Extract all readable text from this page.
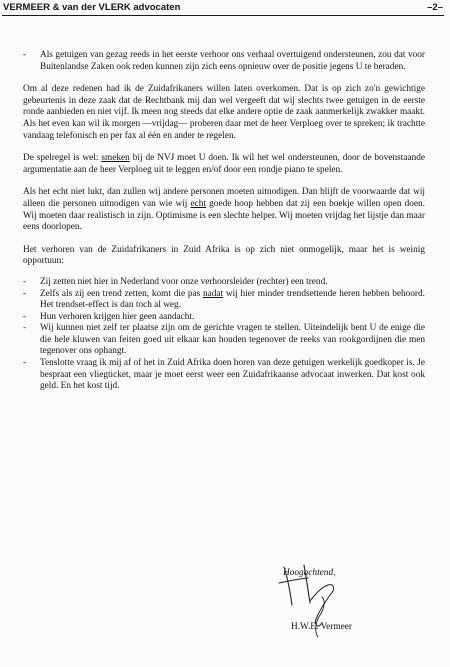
VERMEER & van der VLERK advocaten	–2–
- Als getuigen van gezag reeds in het eerste verhoor ons verhaal overtuigend ondersteunen, zou dat voor Buitenlandse Zaken ook reden kunnen zijn zich eens opnieuw over de positie jegens U te beraden.

Om al deze redenen had ik de Zuidafrikaners willen laten overkomen. Dat is op zich zo'n gewichtige gebeurtenis in deze zaak dat de Rechtbank mij dan wel vergeeft dat wij slechts twee getuigen in de eerste ronde aanbieden en niet vijf. Ik meen nog steeds dat elke andere optie de zaak aanmerkelijk zwakker maakt. Als het even kan wil ik morgen —vrijdag— proberen daar met de heer Verploeg over te spreken; ik trachtte vandaag telefonisch en per fax al één en ander te regelen.

De spelregel is wel: smeken bij de NVJ moet U doen. Ik wil het wel ondersteunen, door de bovenstaande argumentatie aan de heer Verploeg uit te leggen en/of door een rondje piano te spelen.

Als het echt niet lukt, dan zullen wij andere personen moeten uitnodigen. Dan blijft de voorwaarde dat wij alleen die personen uitnodigen van wie wij echt goede hoop hebben dat zij een boekje willen open doen. Wij moeten daar realistisch in zijn. Optimisme is een slechte helper. Wij moeten vrijdag het lijstje dan maar eens doorlopen.

Het verhoren van de Zuidafrikaners in Zuid Afrika is op zich niet onmogelijk, maar het is weinig opportuun:

- Zij zetten niet hier in Nederland voor onze verhoorsleider (rechter) een trend.
- Zelfs als zij een trend zetten, komt die pas nadat wij hier minder trendsettende heren hebben behoord. Het trendset-effect is dan toch al weg.
- Hun verhoren krijgen hier geen aandacht.
- Wij kunnen niet zelf ter plaatse zijn om de gerichte vragen te stellen. Uiteindelijk bent U de enige die die hele kluwen van feiten goed uit elkaar kan houden tegenover de reeks van rookgordijnen die men tegenover ons ophangt.
- Tenslotte vraag ik mij af of het in Zuid Afrika doen horen van deze getuigen werkelijk goedkoper is. Je bespraat een vliegticket, maar je moet eerst weer een Zuidafrikaanse advocaat inwerken. Dat kost ook geld. En het kost tijd.
Hoogachtend,
H.W.E. Vermeer
